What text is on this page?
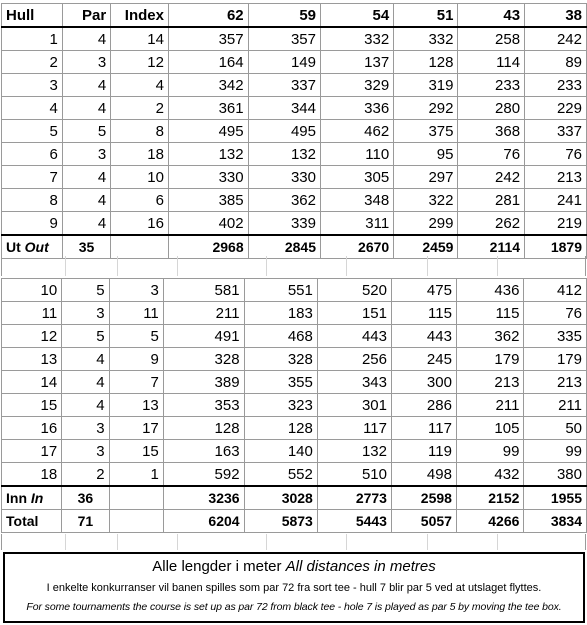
Hull	Par	Index	62	59	54	51	43	38
1	4	14	357	357	332	332	258	242
2	3	12	164	149	137	128	114	89
3	4	4	342	337	329	319	233	233
4	4	2	361	344	336	292	280	229
5	5	8	495	495	462	375	368	337
6	3	18	132	132	110	95	76	76
7	4	10	330	330	305	297	242	213
8	4	6	385	362	348	322	281	241
9	4	16	402	339	311	299	262	219
Ut Out	35		2968	2845	2670	2459	2114	1879
10	5	3	581	551	520	475	436	412
11	3	11	211	183	151	115	115	76
12	5	5	491	468	443	443	362	335
13	4	9	328	328	256	245	179	179
14	4	7	389	355	343	300	213	213
15	4	13	353	323	301	286	211	211
16	3	17	128	128	117	117	105	50
17	3	15	163	140	132	119	99	99
18	2	1	592	552	510	498	432	380
Inn In	36		3236	3028	2773	2598	2152	1955
Total	71		6204	5873	5443	5057	4266	3834
Alle lengder i meter All distances in metres
I enkelte konkurranser vil banen spilles som par 72 fra sort tee - hull 7 blir par 5 ved at utslaget flyttes.
For some tournaments the course is set up as par 72 from black tee - hole 7 is played as par 5 by moving the tee box.
